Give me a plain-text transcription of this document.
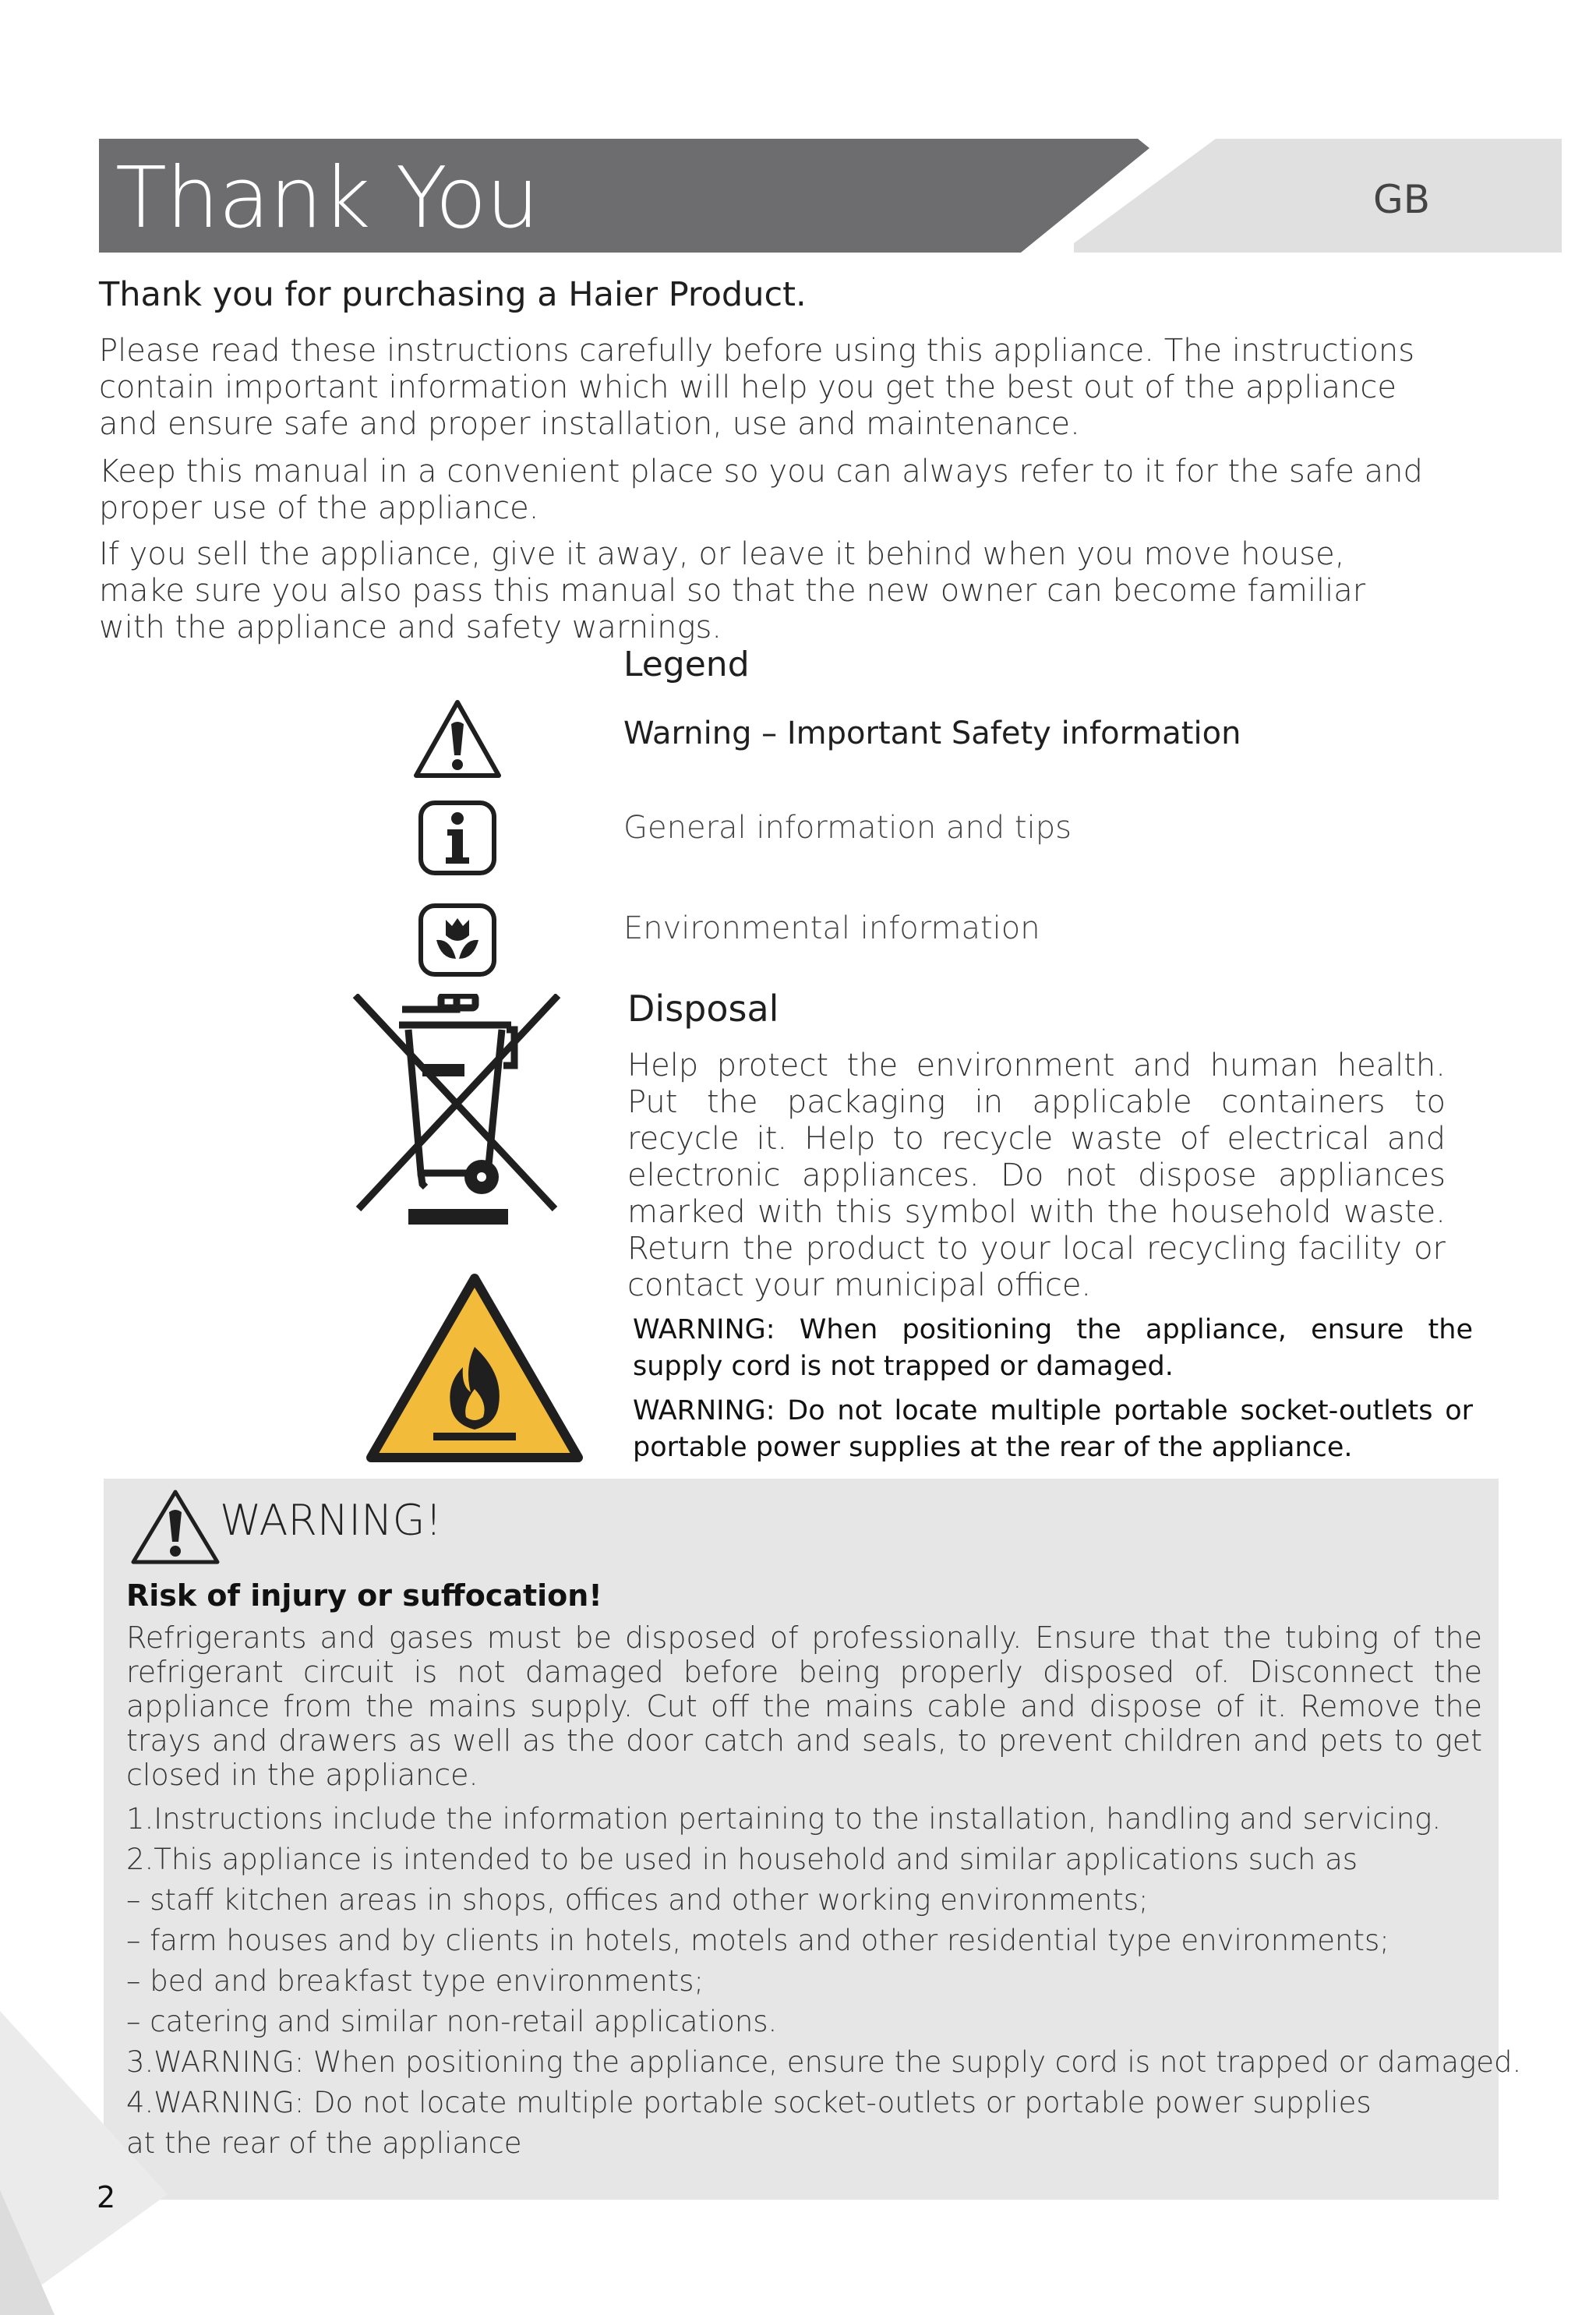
Thank You	GB
Thank you for purchasing a Haier Product.

Please read these instructions carefully before using this appliance. The instructions contain important information which will help you get the best out of the appliance and ensure safe and proper installation, use and maintenance.

Keep this manual in a convenient place so you can always refer to it for the safe and proper use of the appliance.

If you sell the appliance, give it away, or leave it behind when you move house, make sure you also pass this manual so that the new owner can become familiar with the appliance and safety warnings.

Legend
Warning – Important Safety information
General information and tips
Environmental information
Disposal

Help protect the environment and human health. Put the packaging in applicable containers to recycle it. Help to recycle waste of electrical and electronic appliances. Do not dispose appliances marked with this symbol with the household waste. Return the product to your local recycling facility or contact your municipal office.

WARNING: When positioning the appliance, ensure the supply cord is not trapped or damaged.

WARNING: Do not locate multiple portable socket-outlets or portable power supplies at the rear of the appliance.

WARNING!
Risk of injury or suffocation!

Refrigerants and gases must be disposed of professionally. Ensure that the tubing of the refrigerant circuit is not damaged before being properly disposed of. Disconnect the appliance from the mains supply. Cut off the mains cable and dispose of it. Remove the trays and drawers as well as the door catch and seals, to prevent children and pets to get closed in the appliance.

1.Instructions include the information pertaining to the installation, handling and servicing.
2.This appliance is intended to be used in household and similar applications such as
– staff kitchen areas in shops, offices and other working environments;
– farm houses and by clients in hotels, motels and other residential type environments;
– bed and breakfast type environments;
– catering and similar non-retail applications.
3.WARNING: When positioning the appliance, ensure the supply cord is not trapped or damaged.
4.WARNING: Do not locate multiple portable socket-outlets or portable power supplies
at the rear of the appliance
2
